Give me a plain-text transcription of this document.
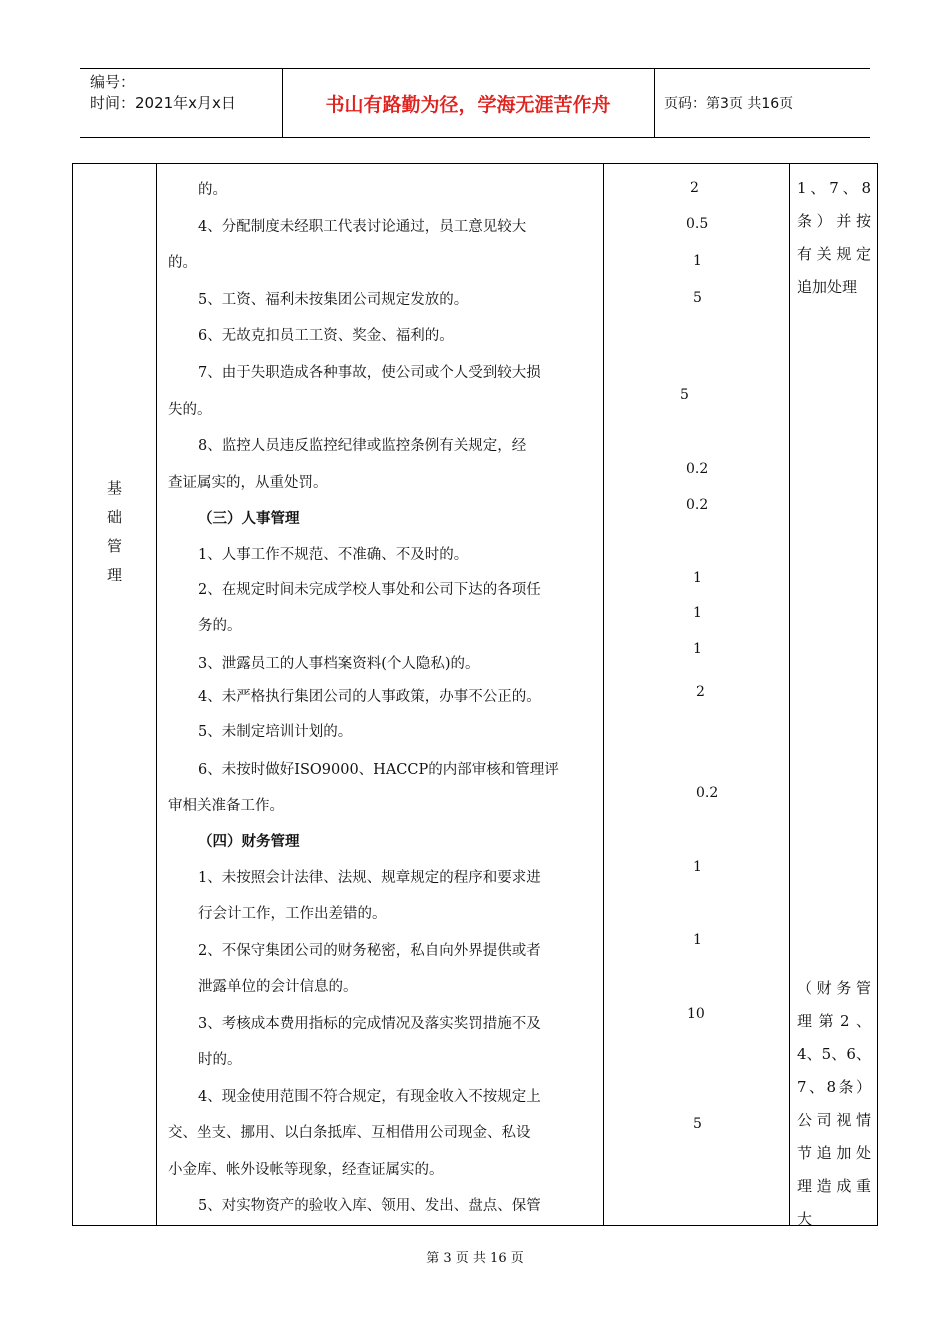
编号：
时间：2021年x月x日	书山有路勤为径，学海无涯苦作舟	页码：第3页 共16页
基
础
管
理
的。
4、分配制度未经职工代表讨论通过，员工意见较大
的。
5、工资、福利未按集团公司规定发放的。
6、无故克扣员工工资、奖金、福利的。
7、由于失职造成各种事故，使公司或个人受到较大损
失的。
8、监控人员违反监控纪律或监控条例有关规定，经
查证属实的，从重处罚。
（三）人事管理
1、人事工作不规范、不准确、不及时的。
2、在规定时间未完成学校人事处和公司下达的各项任
务的。
3、泄露员工的人事档案资料(个人隐私)的。
4、未严格执行集团公司的人事政策，办事不公正的。
5、未制定培训计划的。
6、未按时做好ISO9000、HACCP的内部审核和管理评
审相关准备工作。
（四）财务管理
1、未按照会计法律、法规、规章规定的程序和要求进
行会计工作，工作出差错的。
2、不保守集团公司的财务秘密，私自向外界提供或者
泄露单位的会计信息的。
3、考核成本费用指标的完成情况及落实奖罚措施不及
时的。
4、现金使用范围不符合规定，有现金收入不按规定上
交、坐支、挪用、以白条抵库、互相借用公司现金、私设
小金库、帐外设帐等现象，经查证属实的。
5、对实物资产的验收入库、领用、发出、盘点、保管
2
0.5
1
5
5
0.2
0.2
1
1
1
2
0.2
1
1
10
5
1、7、8条）并按有关规定追加处理
（财务管理第2、4、5、6、7、8条）公司视情节追加处理造成重大
第 3 页 共 16 页
